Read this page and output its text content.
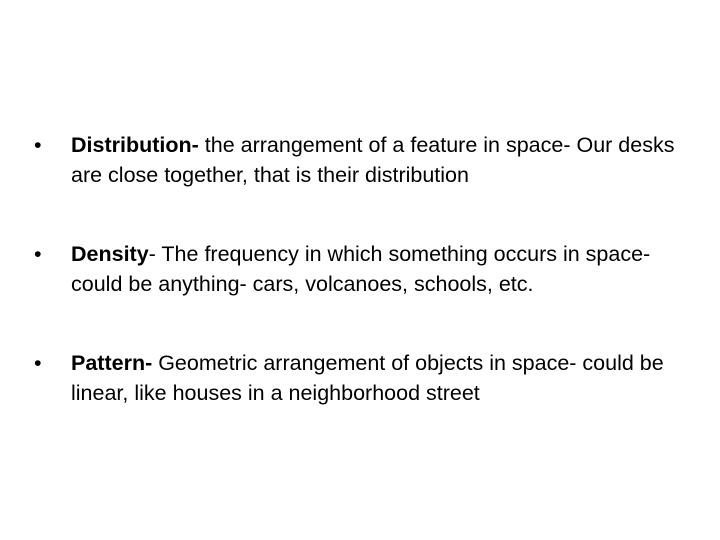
• Distribution- the arrangement of a feature in space- Our desks are close together, that is their distribution
• Density- The frequency in which something occurs in space- could be anything- cars, volcanoes, schools, etc.
• Pattern- Geometric arrangement of objects in space- could be linear, like houses in a neighborhood street
